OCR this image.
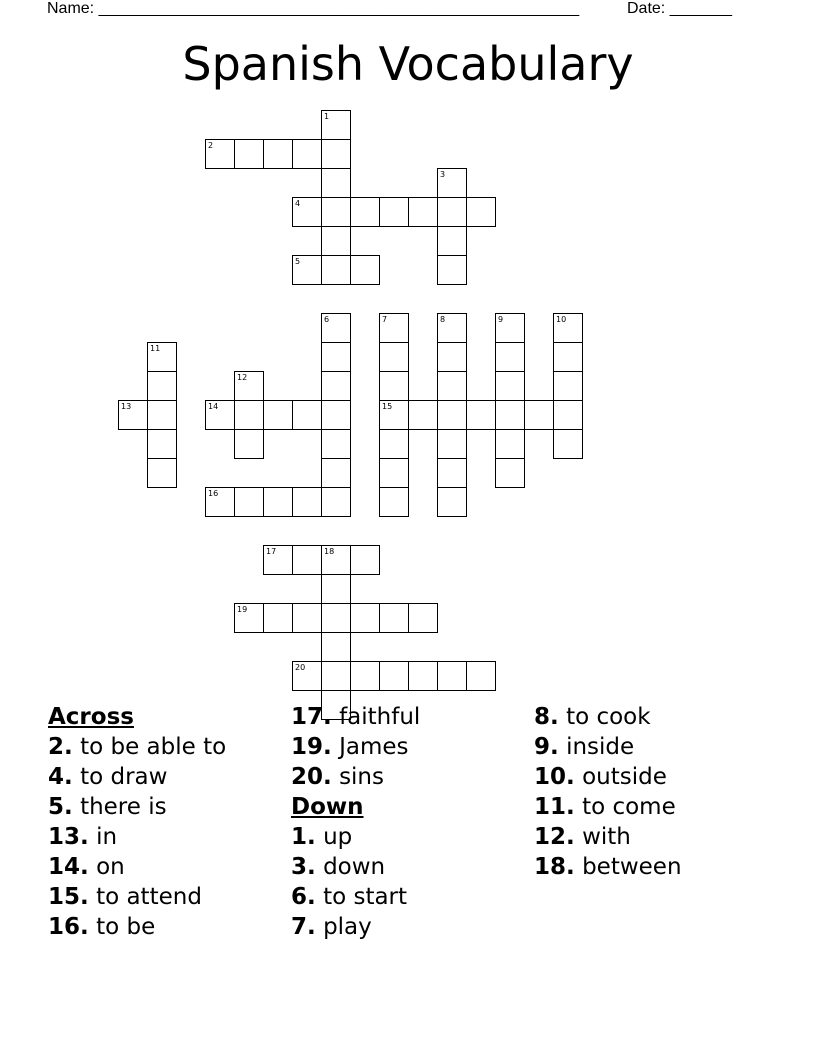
Name: ______________________________________________________	Date: _______
Spanish Vocabulary
2
4
5
13	14	15
16
17	18
19
20
1
3
6	7	8	9	10
11
12
Across
2. to be able to
4. to draw
5. there is
13. in
14. on
15. to attend
16. to be
17. faithful
19. James
20. sins
Down
1. up
3. down
6. to start
7. play
8. to cook
9. inside
10. outside
11. to come
12. with
18. between
